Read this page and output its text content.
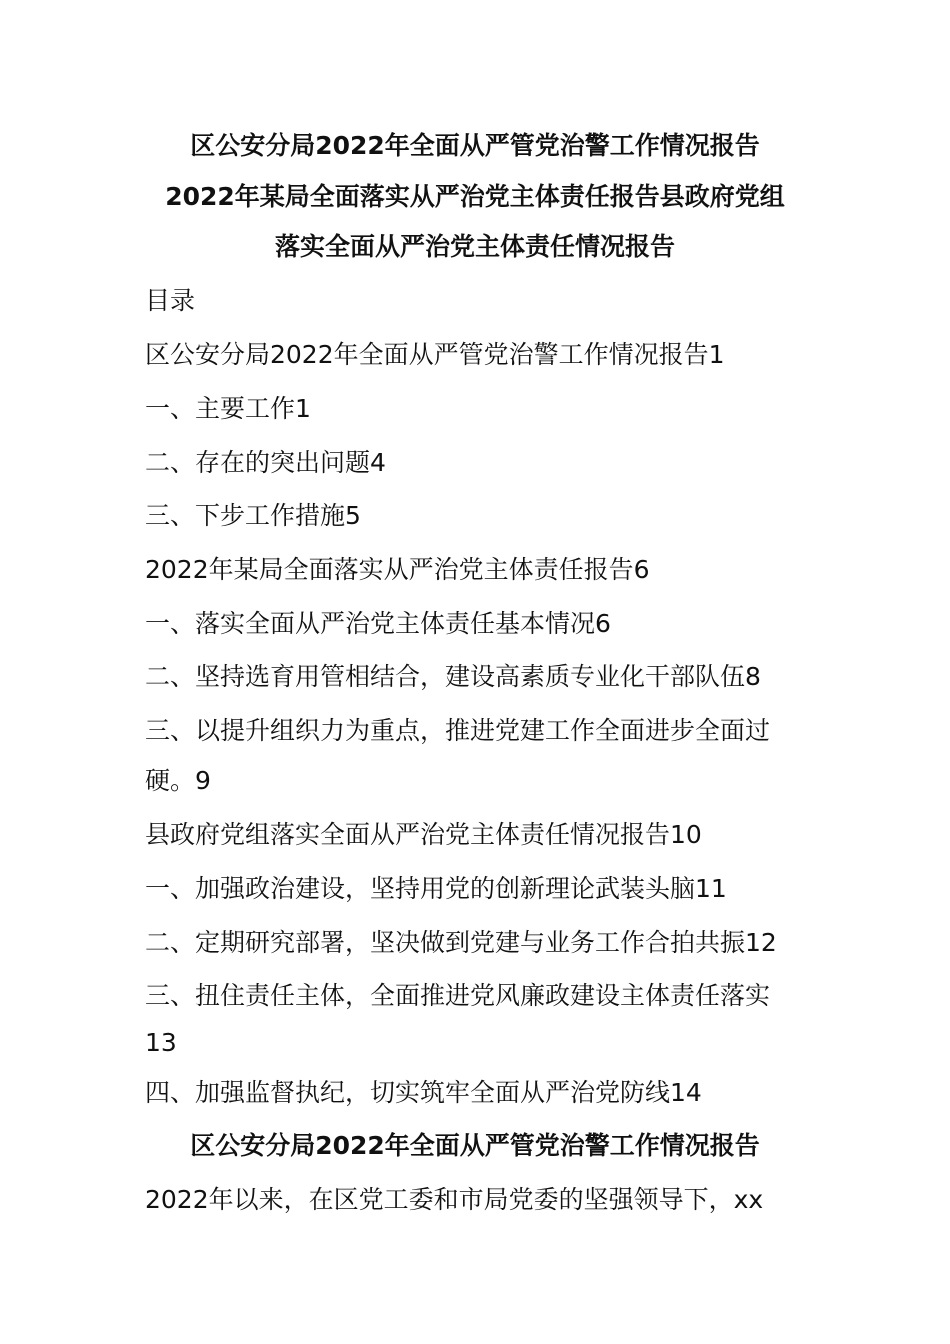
区公安分局2022年全面从严管党治警工作情况报告
2022年某局全面落实从严治党主体责任报告县政府党组
落实全面从严治党主体责任情况报告
目录
区公安分局2022年全面从严管党治警工作情况报告1
一、主要工作1
二、存在的突出问题4
三、下步工作措施5
2022年某局全面落实从严治党主体责任报告6
一、落实全面从严治党主体责任基本情况6
二、坚持选育用管相结合，建设高素质专业化干部队伍8
三、以提升组织力为重点，推进党建工作全面进步全面过
硬。9
县政府党组落实全面从严治党主体责任情况报告10
一、加强政治建设，坚持用党的创新理论武装头脑11
二、定期研究部署，坚决做到党建与业务工作合拍共振12
三、扭住责任主体，全面推进党风廉政建设主体责任落实
13
四、加强监督执纪，切实筑牢全面从严治党防线14
区公安分局2022年全面从严管党治警工作情况报告
2022年以来，在区党工委和市局党委的坚强领导下，xx
